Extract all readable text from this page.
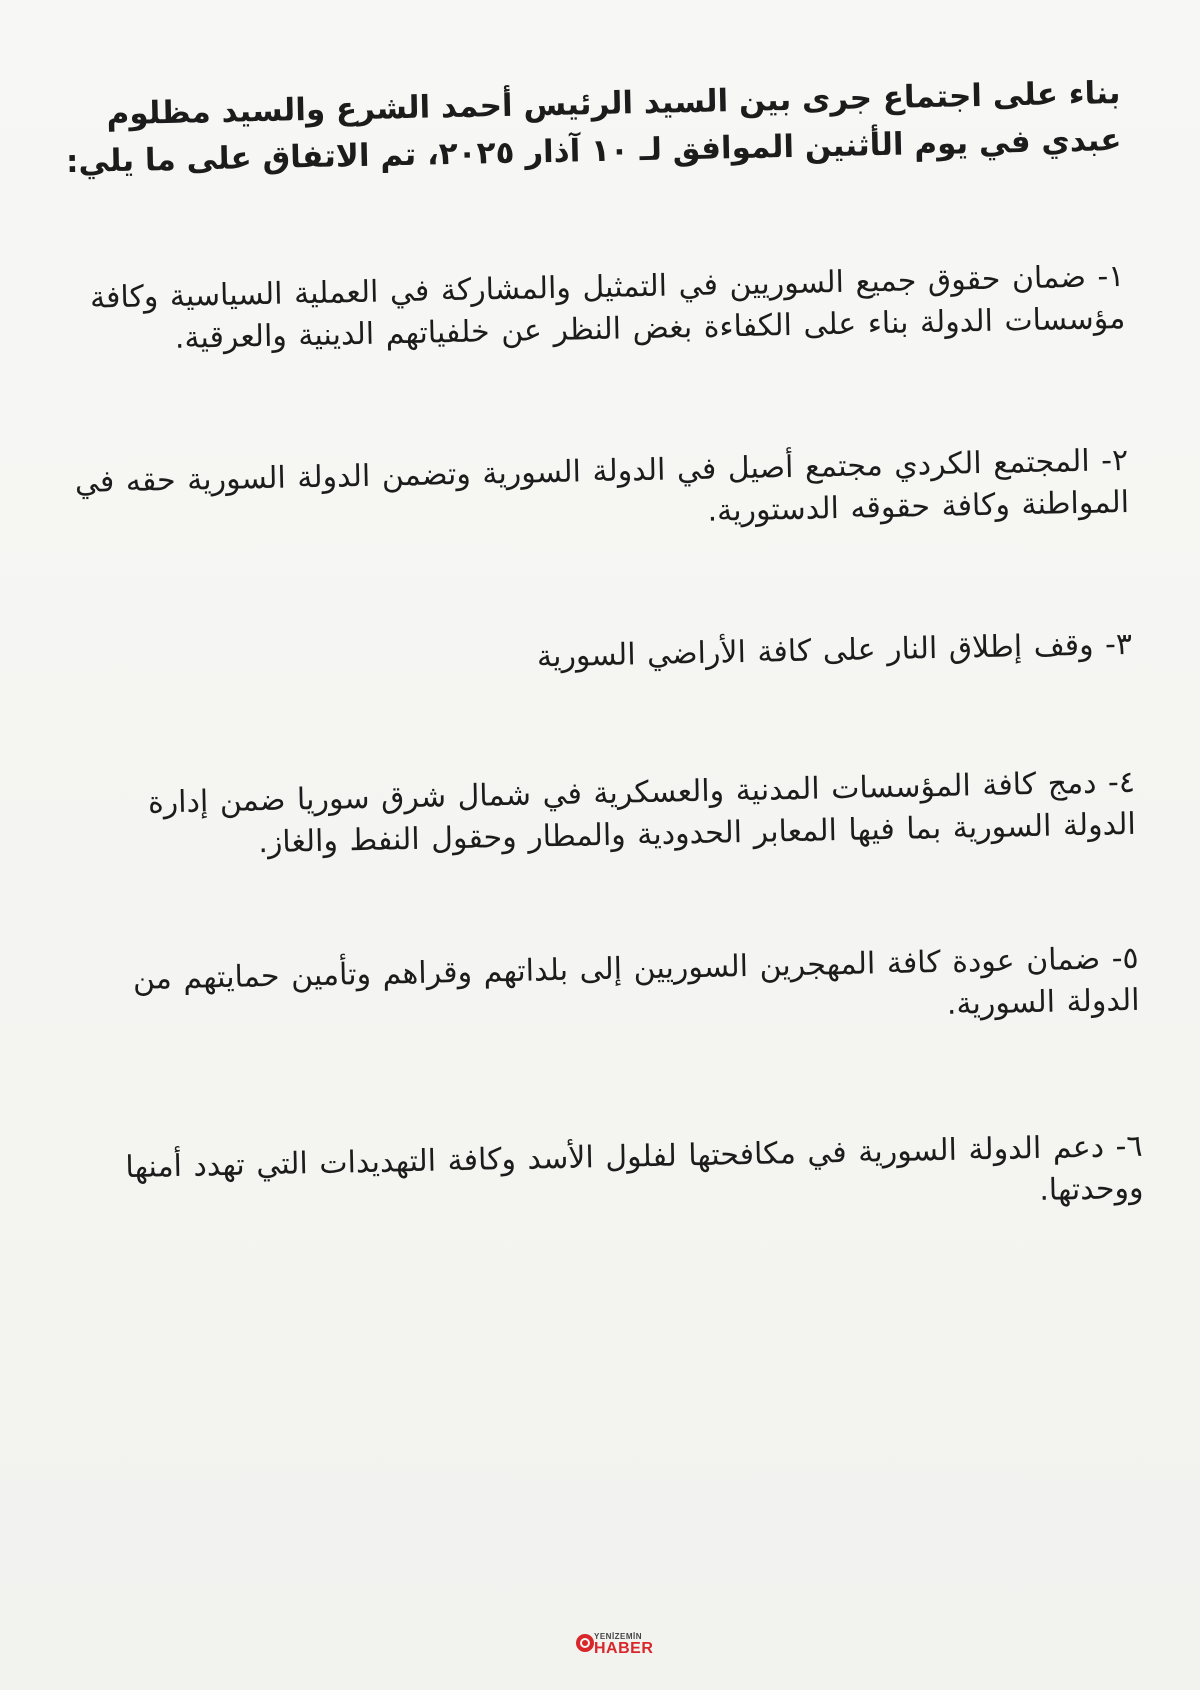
بناء على اجتماع جرى بين السيد الرئيس أحمد الشرع والسيد مظلوم عبدي في يوم الأثنين الموافق لـ ١٠ آذار ٢٠٢٥، تم الاتفاق على ما يلي:

١- ضمان حقوق جميع السوريين في التمثيل والمشاركة في العملية السياسية وكافة مؤسسات الدولة بناء على الكفاءة بغض النظر عن خلفياتهم الدينية والعرقية.

٢- المجتمع الكردي مجتمع أصيل في الدولة السورية وتضمن الدولة السورية حقه في المواطنة وكافة حقوقه الدستورية.

٣- وقف إطلاق النار على كافة الأراضي السورية

٤- دمج كافة المؤسسات المدنية والعسكرية في شمال شرق سوريا ضمن إدارة الدولة السورية بما فيها المعابر الحدودية والمطار وحقول النفط والغاز.

٥- ضمان عودة كافة المهجرين السوريين إلى بلداتهم وقراهم وتأمين حمايتهم من الدولة السورية.

٦- دعم الدولة السورية في مكافحتها لفلول الأسد وكافة التهديدات التي تهدد أمنها ووحدتها.

YENİZEMİN
HABER
